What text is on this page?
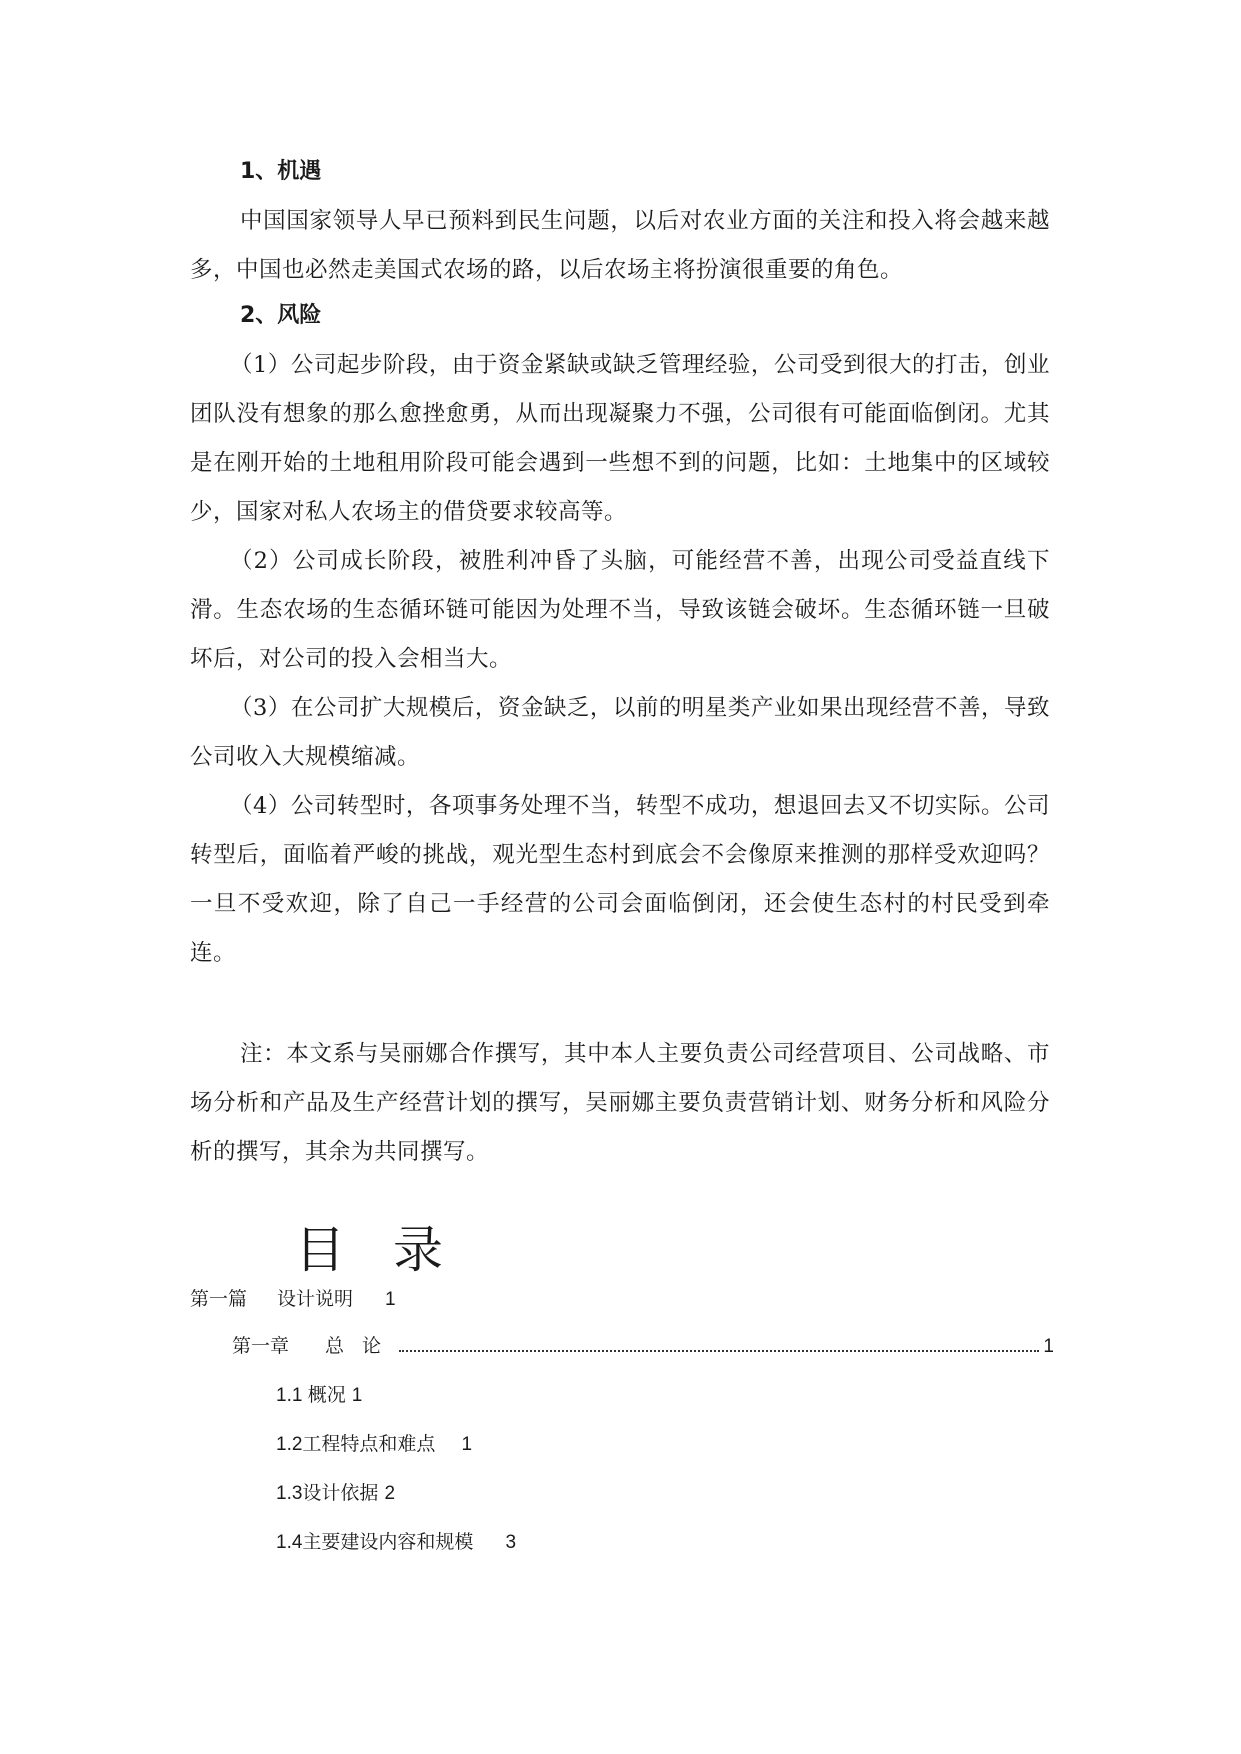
1、机遇

中国国家领导人早已预料到民生问题，以后对农业方面的关注和投入将会越来越多，中国也必然走美国式农场的路，以后农场主将扮演很重要的角色。

2、风险

（1）公司起步阶段，由于资金紧缺或缺乏管理经验，公司受到很大的打击，创业团队没有想象的那么愈挫愈勇，从而出现凝聚力不强，公司很有可能面临倒闭。尤其是在刚开始的土地租用阶段可能会遇到一些想不到的问题，比如：土地集中的区域较少，国家对私人农场主的借贷要求较高等。

（2）公司成长阶段，被胜利冲昏了头脑，可能经营不善，出现公司受益直线下滑。生态农场的生态循环链可能因为处理不当，导致该链会破坏。生态循环链一旦破坏后，对公司的投入会相当大。

（3）在公司扩大规模后，资金缺乏，以前的明星类产业如果出现经营不善，导致公司收入大规模缩减。

（4）公司转型时，各项事务处理不当，转型不成功，想退回去又不切实际。公司转型后，面临着严峻的挑战，观光型生态村到底会不会像原来推测的那样受欢迎吗？一旦不受欢迎，除了自己一手经营的公司会面临倒闭，还会使生态村的村民受到牵连。

注：本文系与吴丽娜合作撰写，其中本人主要负责公司经营项目、公司战略、市场分析和产品及生产经营计划的撰写，吴丽娜主要负责营销计划、财务分析和风险分析的撰写，其余为共同撰写。

目录
第一篇 设计说明 1
第一章 总论	1
1.1 概况 1
1.2工程特点和难点 1
1.3设计依据 2
1.4主要建设内容和规模 3
